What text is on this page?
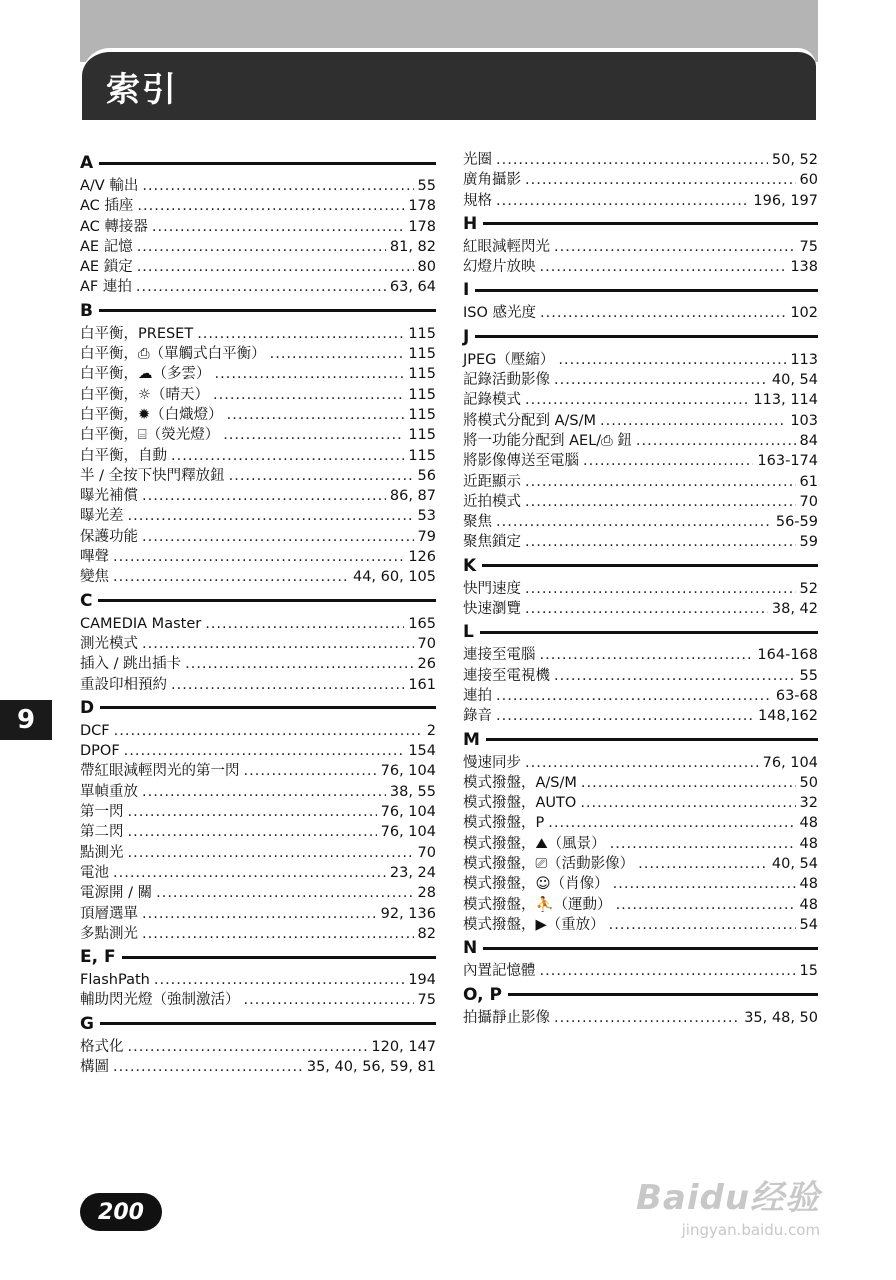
索引
A
A/V 輸出 .....	55
AC 插座 .....	178
AC 轉接器 .....	178
AE 記憶 .....	81, 82
AE 鎖定 .....	80
AF 連拍 .....	63, 64
B
白平衡，PRESET .....	115
白平衡，⎙（單觸式白平衡） .....	115
白平衡，☁（多雲） .....	115
白平衡，☼（晴天） .....	115
白平衡，✹（白熾燈） .....	115
白平衡，⌸（熒光燈） .....	115
白平衡，自動 .....	115
半 / 全按下快門釋放鈕 .....	56
曝光補償 .....	86, 87
曝光差 .....	53
保護功能 .....	79
嗶聲 .....	126
變焦 .....	44, 60, 105
C
CAMEDIA Master .....	165
測光模式 .....	70
插入 / 跳出插卡 .....	26
重設印相預約 .....	161
D
DCF .....	2
DPOF .....	154
帶紅眼減輕閃光的第一閃 .....	76, 104
單幀重放 .....	38, 55
第一閃 .....	76, 104
第二閃 .....	76, 104
點測光 .....	70
電池 .....	23, 24
電源開 / 關 .....	28
頂層選單 .....	92, 136
多點測光 .....	82
E, F
FlashPath .....	194
輔助閃光燈（強制激活） .....	75
G
格式化 .....	120, 147
構圖 .....	35, 40, 56, 59, 81
光圈 .....	50, 52
廣角攝影 .....	60
規格 .....	196, 197
H
紅眼減輕閃光 .....	75
幻燈片放映 .....	138
I
ISO 感光度 .....	102
J
JPEG（壓縮） .....	113
記錄活動影像 .....	40, 54
記錄模式 .....	113, 114
將模式分配到 A/S/M .....	103
將一功能分配到 AEL/⎙ 鈕 .....	84
將影像傳送至電腦 .....	163-174
近距顯示 .....	61
近拍模式 .....	70
聚焦 .....	56-59
聚焦鎖定 .....	59
K
快門速度 .....	52
快速瀏覽 .....	38, 42
L
連接至電腦 .....	164-168
連接至電視機 .....	55
連拍 .....	63-68
錄音 .....	148,162
M
慢速同步 .....	76, 104
模式撥盤，A/S/M .....	50
模式撥盤，AUTO .....	32
模式撥盤，P .....	48
模式撥盤，⛰（風景） .....	48
模式撥盤，⎚（活動影像） .....	40, 54
模式撥盤，☺（肖像） .....	48
模式撥盤，⛹（運動） .....	48
模式撥盤，▶（重放） .....	54
N
內置記憶體 .....	15
O, P
拍攝靜止影像 .....	35, 48, 50
9
200	Baidu经验
jingyan.baidu.com
